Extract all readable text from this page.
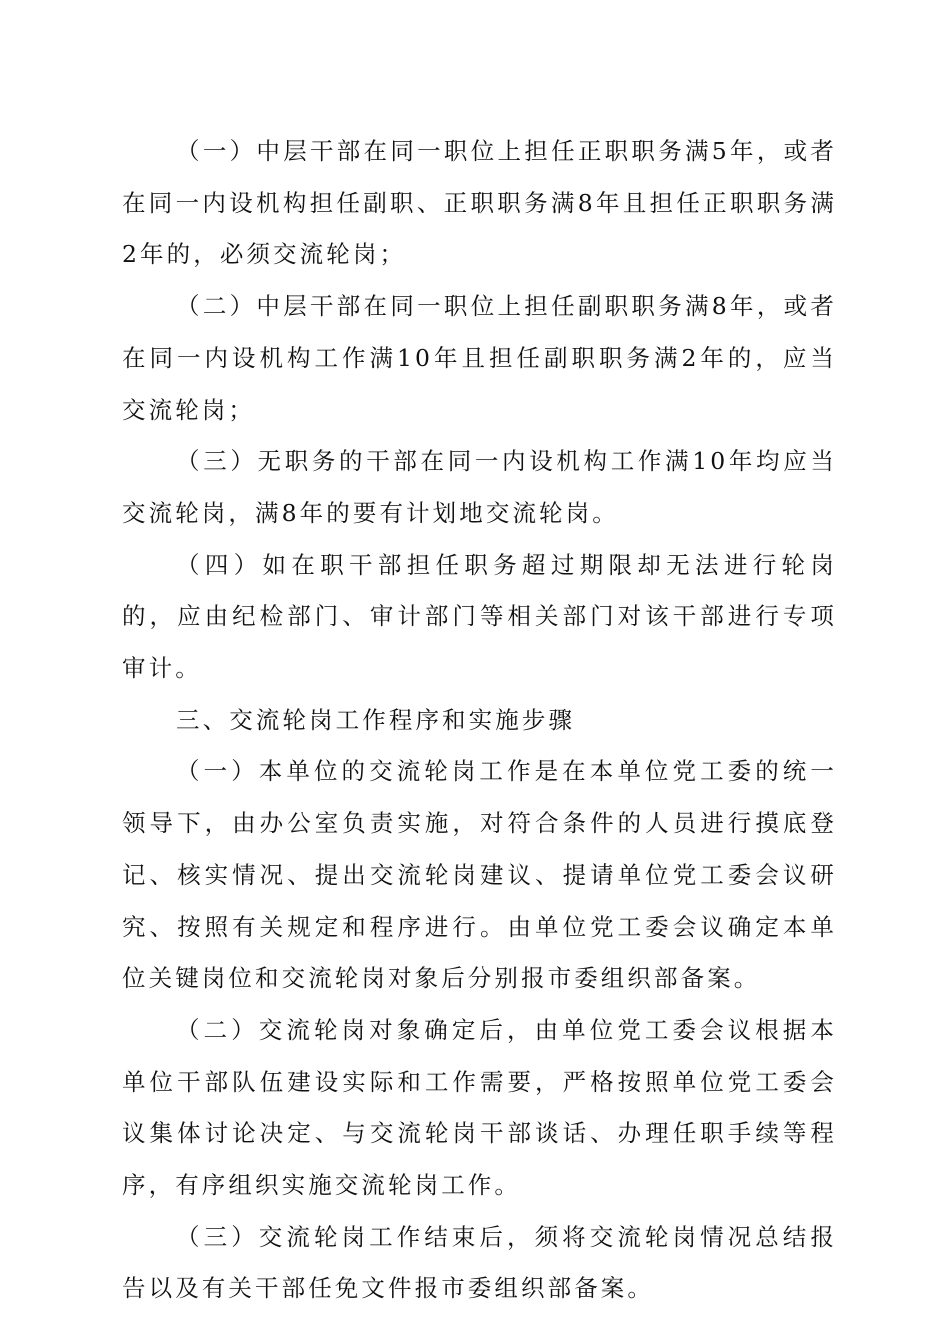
（一）中层干部在同一职位上担任正职职务满5年，或者在同一内设机构担任副职、正职职务满8年且担任正职职务满2年的，必须交流轮岗；

（二）中层干部在同一职位上担任副职职务满8年，或者在同一内设机构工作满10年且担任副职职务满2年的，应当交流轮岗；

（三）无职务的干部在同一内设机构工作满10年均应当交流轮岗，满8年的要有计划地交流轮岗。

（四）如在职干部担任职务超过期限却无法进行轮岗的，应由纪检部门、审计部门等相关部门对该干部进行专项审计。

三、交流轮岗工作程序和实施步骤

（一）本单位的交流轮岗工作是在本单位党工委的统一领导下，由办公室负责实施，对符合条件的人员进行摸底登记、核实情况、提出交流轮岗建议、提请单位党工委会议研究、按照有关规定和程序进行。由单位党工委会议确定本单位关键岗位和交流轮岗对象后分别报市委组织部备案。

（二）交流轮岗对象确定后，由单位党工委会议根据本单位干部队伍建设实际和工作需要，严格按照单位党工委会议集体讨论决定、与交流轮岗干部谈话、办理任职手续等程序，有序组织实施交流轮岗工作。

（三）交流轮岗工作结束后，须将交流轮岗情况总结报告以及有关干部任免文件报市委组织部备案。
